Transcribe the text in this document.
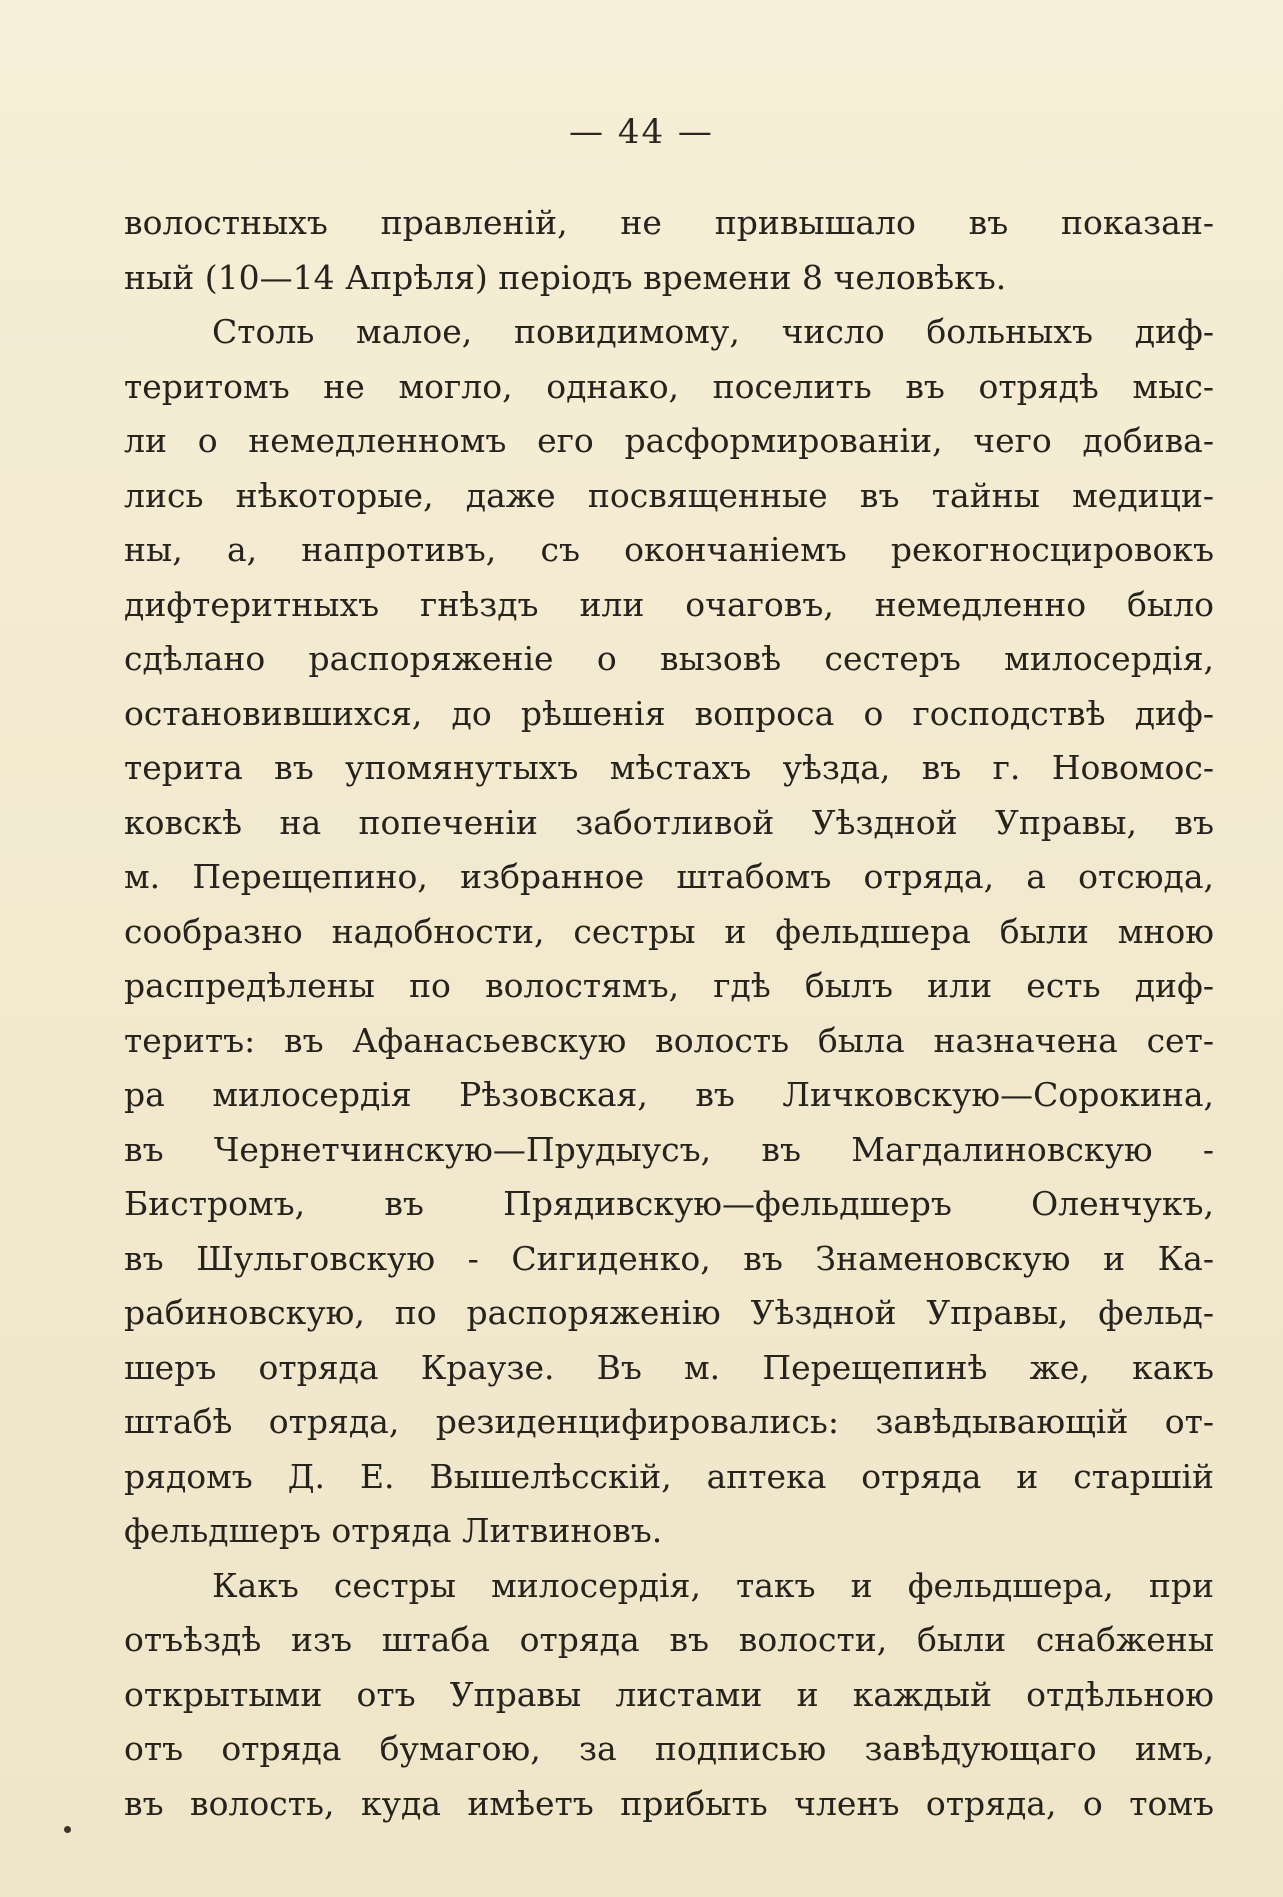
— 44 —
волостныхъ правленій, не привышало въ показан-
ный (10—14 Апрѣля) періодъ времени 8 человѣкъ.
Столь малое, повидимому, число больныхъ диф-
теритомъ не могло, однако, поселить въ отрядѣ мыс-
ли о немедленномъ его расформированіи, чего добива-
лись нѣкоторые, даже посвященные въ тайны медици-
ны, а, напротивъ, съ окончаніемъ рекогносцировокъ
дифтеритныхъ гнѣздъ или очаговъ, немедленно было
сдѣлано распоряженіе о вызовѣ сестеръ милосердія,
остановившихся, до рѣшенія вопроса о господствѣ диф-
терита въ упомянутыхъ мѣстахъ уѣзда, въ г. Новомос-
ковскѣ на попеченіи заботливой Уѣздной Управы, въ
м. Перещепино, избранное штабомъ отряда, а отсюда,
сообразно надобности, сестры и фельдшера были мною
распредѣлены по волостямъ, гдѣ былъ или есть диф-
теритъ: въ Афанасьевскую волость была назначена сет-
ра милосердія Рѣзовская, въ Личковскую—Сорокина,
въ Чернетчинскую—Прудыусъ, въ Магдалиновскую -
Бистромъ, въ Прядивскую—фельдшеръ Оленчукъ,
въ Шульговскую - Сигиденко, въ Знаменовскую и Ка-
рабиновскую, по распоряженію Уѣздной Управы, фельд-
шеръ отряда Краузе. Въ м. Перещепинѣ же, какъ
штабѣ отряда, резиденцифировались: завѣдывающій от-
рядомъ Д. Е. Вышелѣсскій, аптека отряда и старшій
фельдшеръ отряда Литвиновъ.
Какъ сестры милосердія, такъ и фельдшера, при
отъѣздѣ изъ штаба отряда въ волости, были снабжены
открытыми отъ Управы листами и каждый отдѣльною
отъ отряда бумагою, за подписью завѣдующаго имъ,
въ волость, куда имѣетъ прибыть членъ отряда, о томъ
